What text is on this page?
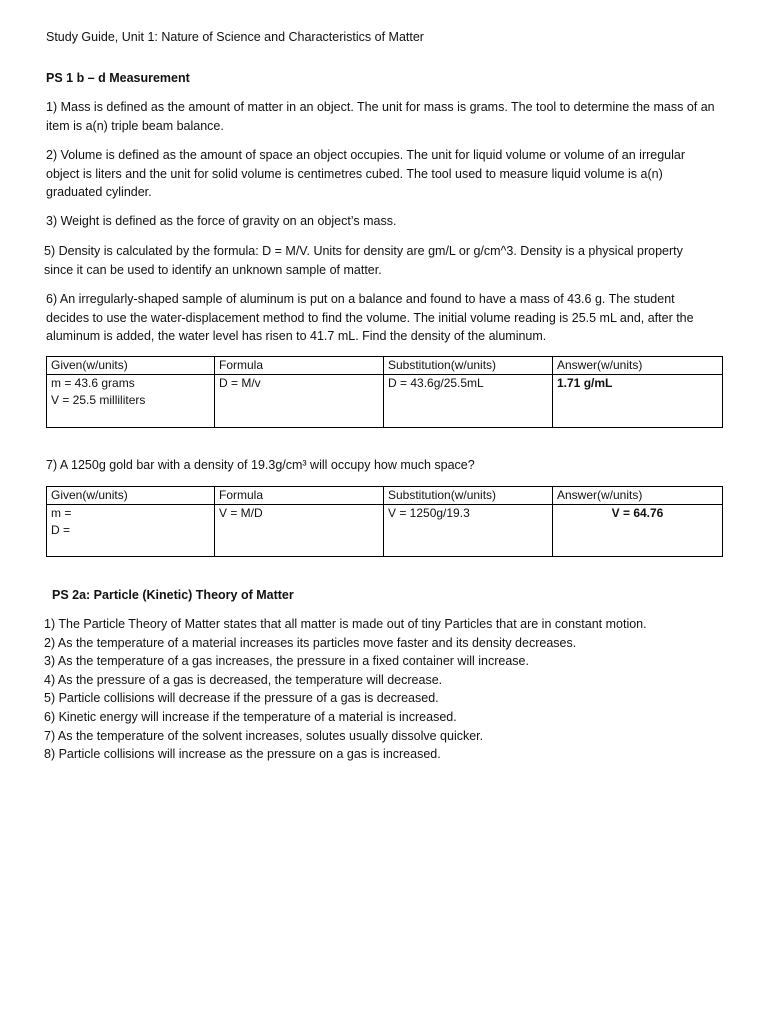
Study Guide, Unit 1: Nature of Science and Characteristics of Matter
PS 1 b – d Measurement
1) Mass is defined as the amount of matter in an object. The unit for mass is grams. The tool to determine the mass of an
item is a(n) triple beam balance.
2) Volume is defined as the amount of space an object occupies. The unit for liquid volume or volume of an irregular
object is liters and the unit for solid volume is centimetres cubed. The tool used to measure liquid volume is a(n)
graduated cylinder.
3) Weight is defined as the force of gravity on an object’s mass.
5) Density is calculated by the formula: D = M/V. Units for density are gm/L or g/cm^3. Density is a physical property
since it can be used to identify an unknown sample of matter.
6) An irregularly-shaped sample of aluminum is put on a balance and found to have a mass of 43.6 g. The student
decides to use the water-displacement method to find the volume. The initial volume reading is 25.5 mL and, after the
aluminum is added, the water level has risen to 41.7 mL. Find the density of the aluminum.
Given(w/units)	Formula	Substitution(w/units)	Answer(w/units)

m = 43.6 grams
V = 25.5 milliliters	D = M/v	D = 43.6g/25.5mL	1.71 g/mL
7) A 1250g gold bar with a density of 19.3g/cm³ will occupy how much space?
Given(w/units)	Formula	Substitution(w/units)	Answer(w/units)

m =
D =	V = M/D	V = 1250g/19.3	V = 64.76
PS 2a: Particle (Kinetic) Theory of Matter
1) The Particle Theory of Matter states that all matter is made out of tiny Particles that are in constant motion.
2) As the temperature of a material increases its particles move faster and its density decreases.
3) As the temperature of a gas increases, the pressure in a fixed container will increase.
4) As the pressure of a gas is decreased, the temperature will decrease.
5) Particle collisions will decrease if the pressure of a gas is decreased.
6) Kinetic energy will increase if the temperature of a material is increased.
7) As the temperature of the solvent increases, solutes usually dissolve quicker.
8) Particle collisions will increase as the pressure on a gas is increased.
